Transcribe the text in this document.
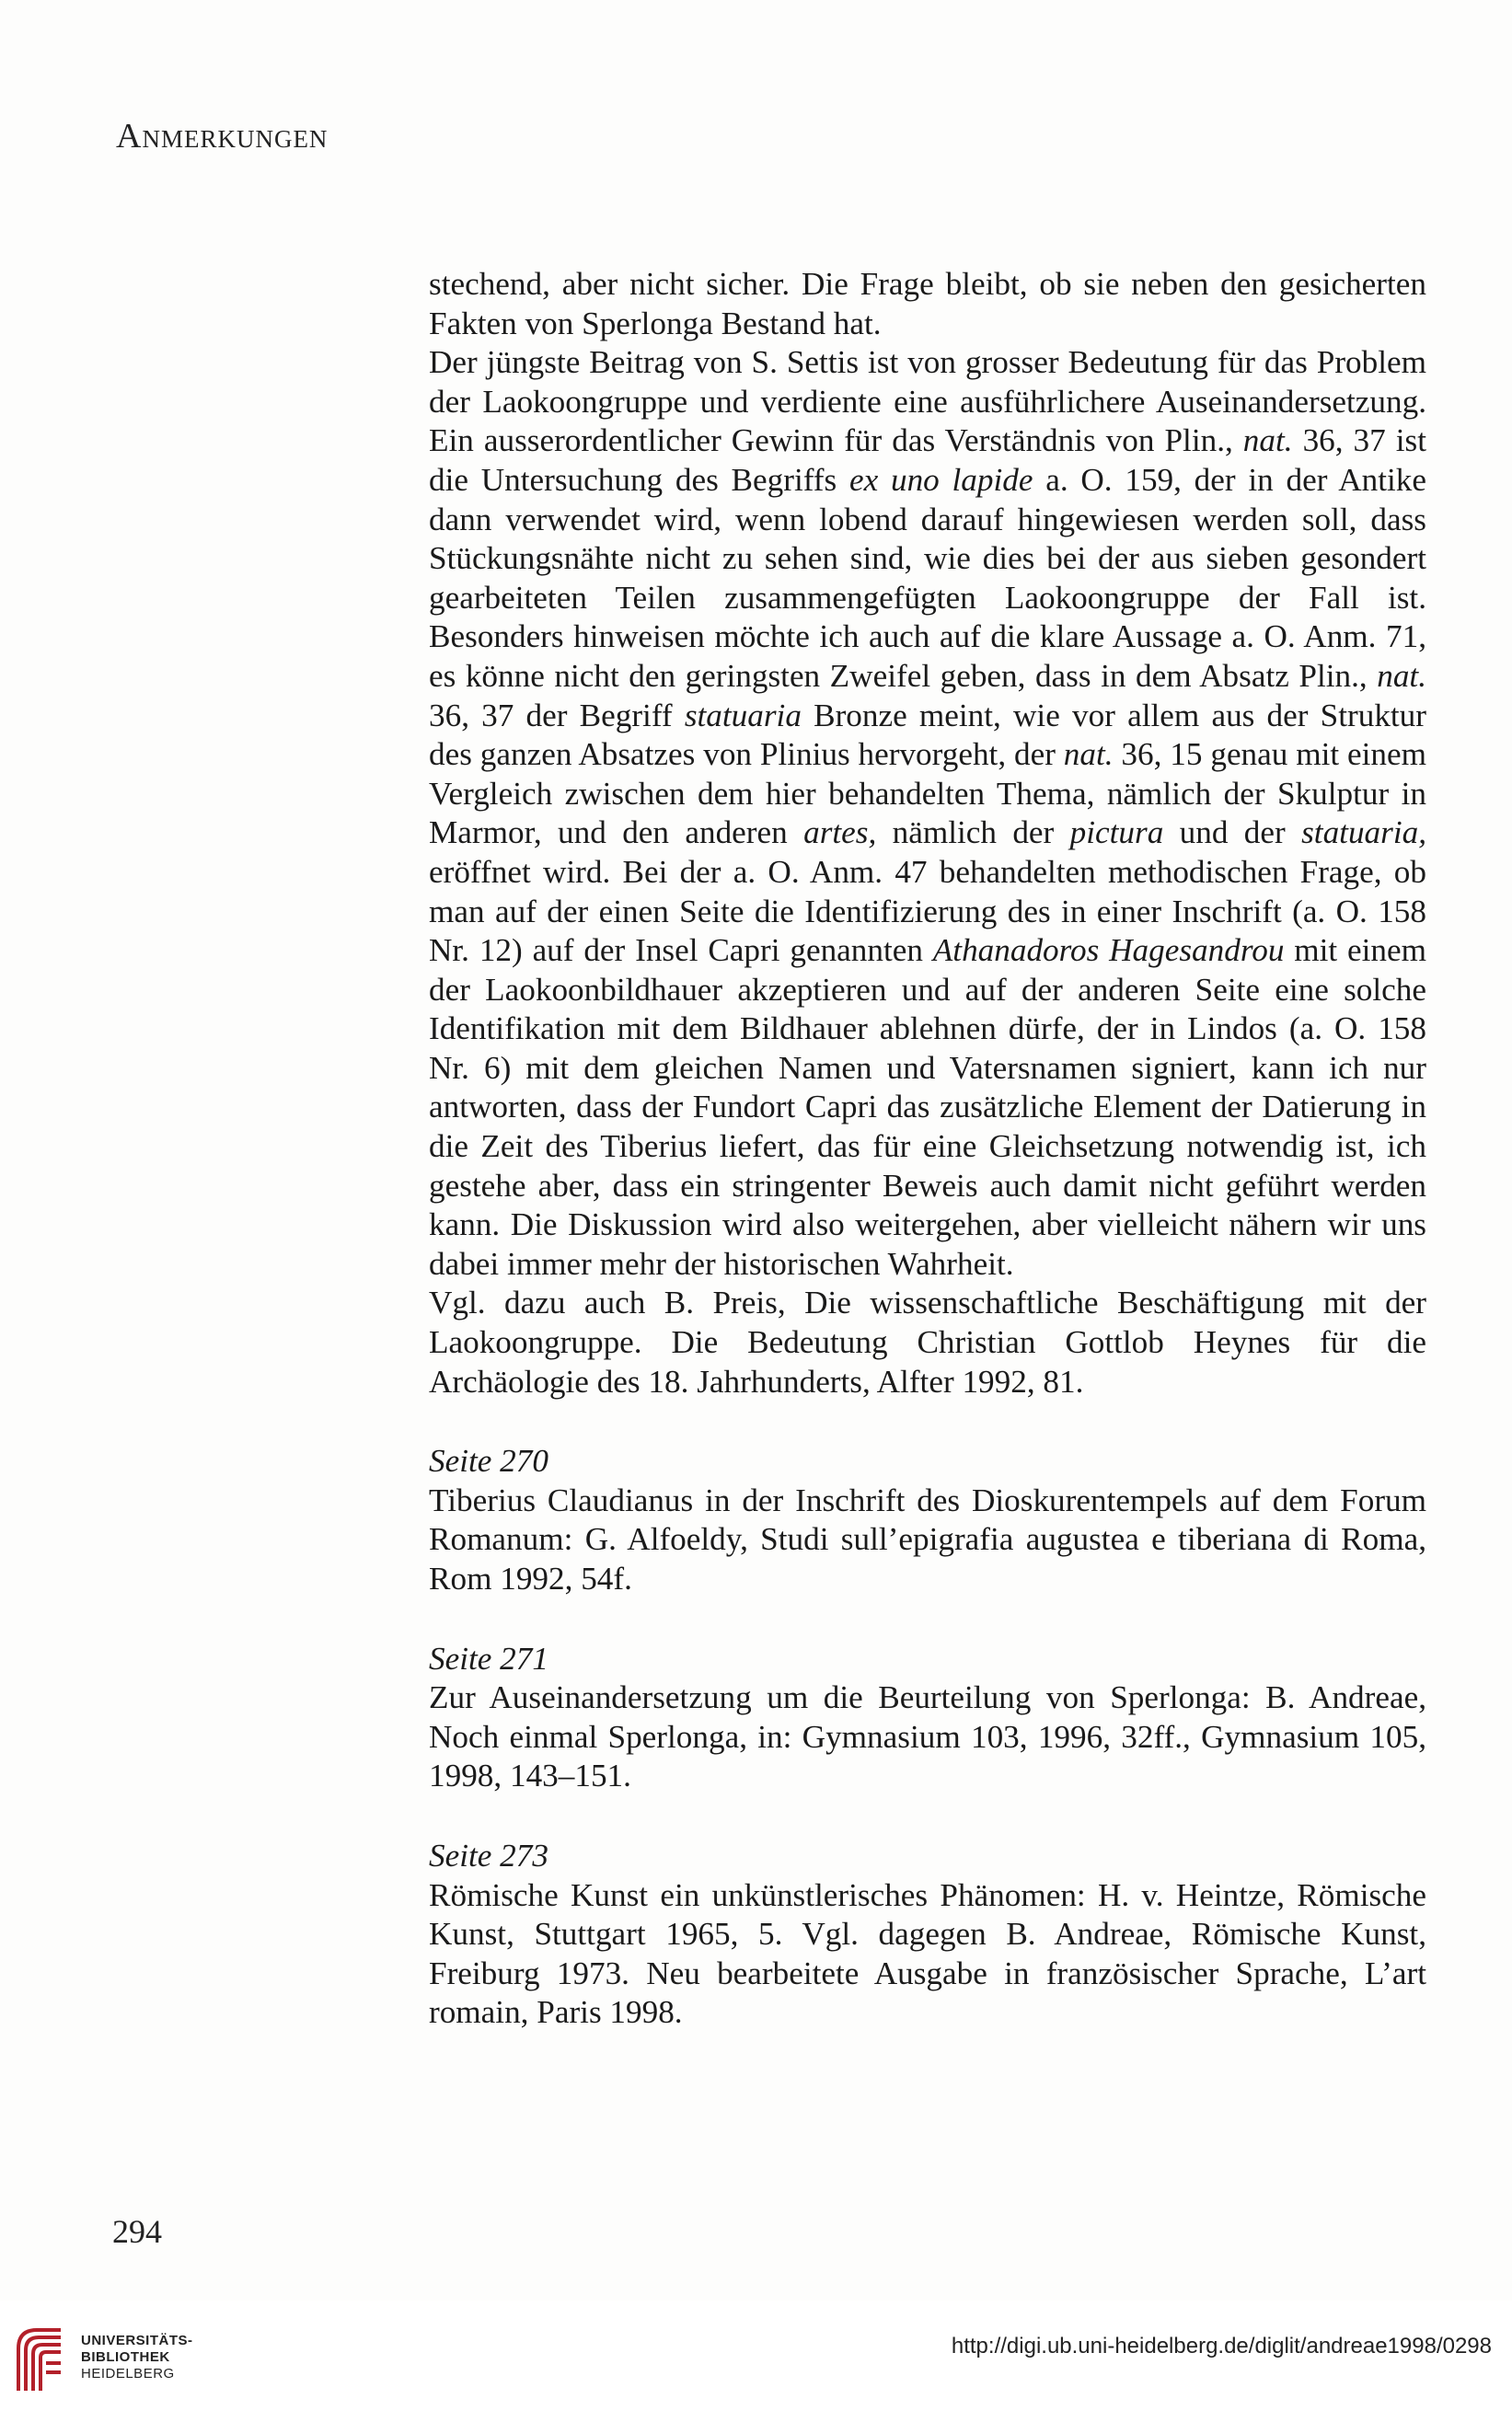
Anmerkungen

stechend, aber nicht sicher. Die Frage bleibt, ob sie neben den gesicherten Fakten von Sperlonga Bestand hat.

Der jüngste Beitrag von S. Settis ist von grosser Bedeutung für das Problem der Laokoongruppe und verdiente eine ausführlichere Auseinandersetzung. Ein ausserordentlicher Gewinn für das Verständnis von Plin., nat. 36, 37 ist die Untersuchung des Begriffs ex uno lapide a. O. 159, der in der Antike dann verwendet wird, wenn lobend darauf hingewiesen werden soll, dass Stückungsnähte nicht zu sehen sind, wie dies bei der aus sieben gesondert gearbeiteten Teilen zusammengefügten Laokoongruppe der Fall ist. Besonders hinweisen möchte ich auch auf die klare Aussage a. O. Anm. 71, es könne nicht den geringsten Zweifel geben, dass in dem Absatz Plin., nat. 36, 37 der Begriff statuaria Bronze meint, wie vor allem aus der Struktur des ganzen Absatzes von Plinius hervorgeht, der nat. 36, 15 genau mit einem Vergleich zwischen dem hier behandelten Thema, nämlich der Skulptur in Marmor, und den anderen artes, nämlich der pictura und der statuaria, eröffnet wird. Bei der a. O. Anm. 47 behandelten methodischen Frage, ob man auf der einen Seite die Identifizierung des in einer Inschrift (a. O. 158 Nr. 12) auf der Insel Capri genannten Athanadoros Hagesandrou mit einem der Laokoonbildhauer akzeptieren und auf der anderen Seite eine solche Identifikation mit dem Bildhauer ablehnen dürfe, der in Lindos (a. O. 158 Nr. 6) mit dem gleichen Namen und Vatersnamen signiert, kann ich nur antworten, dass der Fundort Capri das zusätzliche Element der Datierung in die Zeit des Tiberius liefert, das für eine Gleichsetzung notwendig ist, ich gestehe aber, dass ein stringenter Beweis auch damit nicht geführt werden kann. Die Diskussion wird also weitergehen, aber vielleicht nähern wir uns dabei immer mehr der historischen Wahrheit.

Vgl. dazu auch B. Preis, Die wissenschaftliche Beschäftigung mit der Laokoongruppe. Die Bedeutung Christian Gottlob Heynes für die Archäologie des 18. Jahrhunderts, Alfter 1992, 81.

Seite 270

Tiberius Claudianus in der Inschrift des Dioskurentempels auf dem Forum Romanum: G. Alfoeldy, Studi sull’epigrafia augustea e tiberiana di Roma, Rom 1992, 54f.

Seite 271

Zur Auseinandersetzung um die Beurteilung von Sperlonga: B. Andreae, Noch einmal Sperlonga, in: Gymnasium 103, 1996, 32ff., Gymnasium 105, 1998, 143–151.

Seite 273

Römische Kunst ein unkünstlerisches Phänomen: H. v. Heintze, Römische Kunst, Stuttgart 1965, 5. Vgl. dagegen B. Andreae, Römische Kunst, Freiburg 1973. Neu bearbeitete Ausgabe in französischer Sprache, L’art romain, Paris 1998.

294
UNIVERSITÄTS-
BIBLIOTHEK
HEIDELBERG
http://digi.ub.uni-heidelberg.de/diglit/andreae1998/0298
